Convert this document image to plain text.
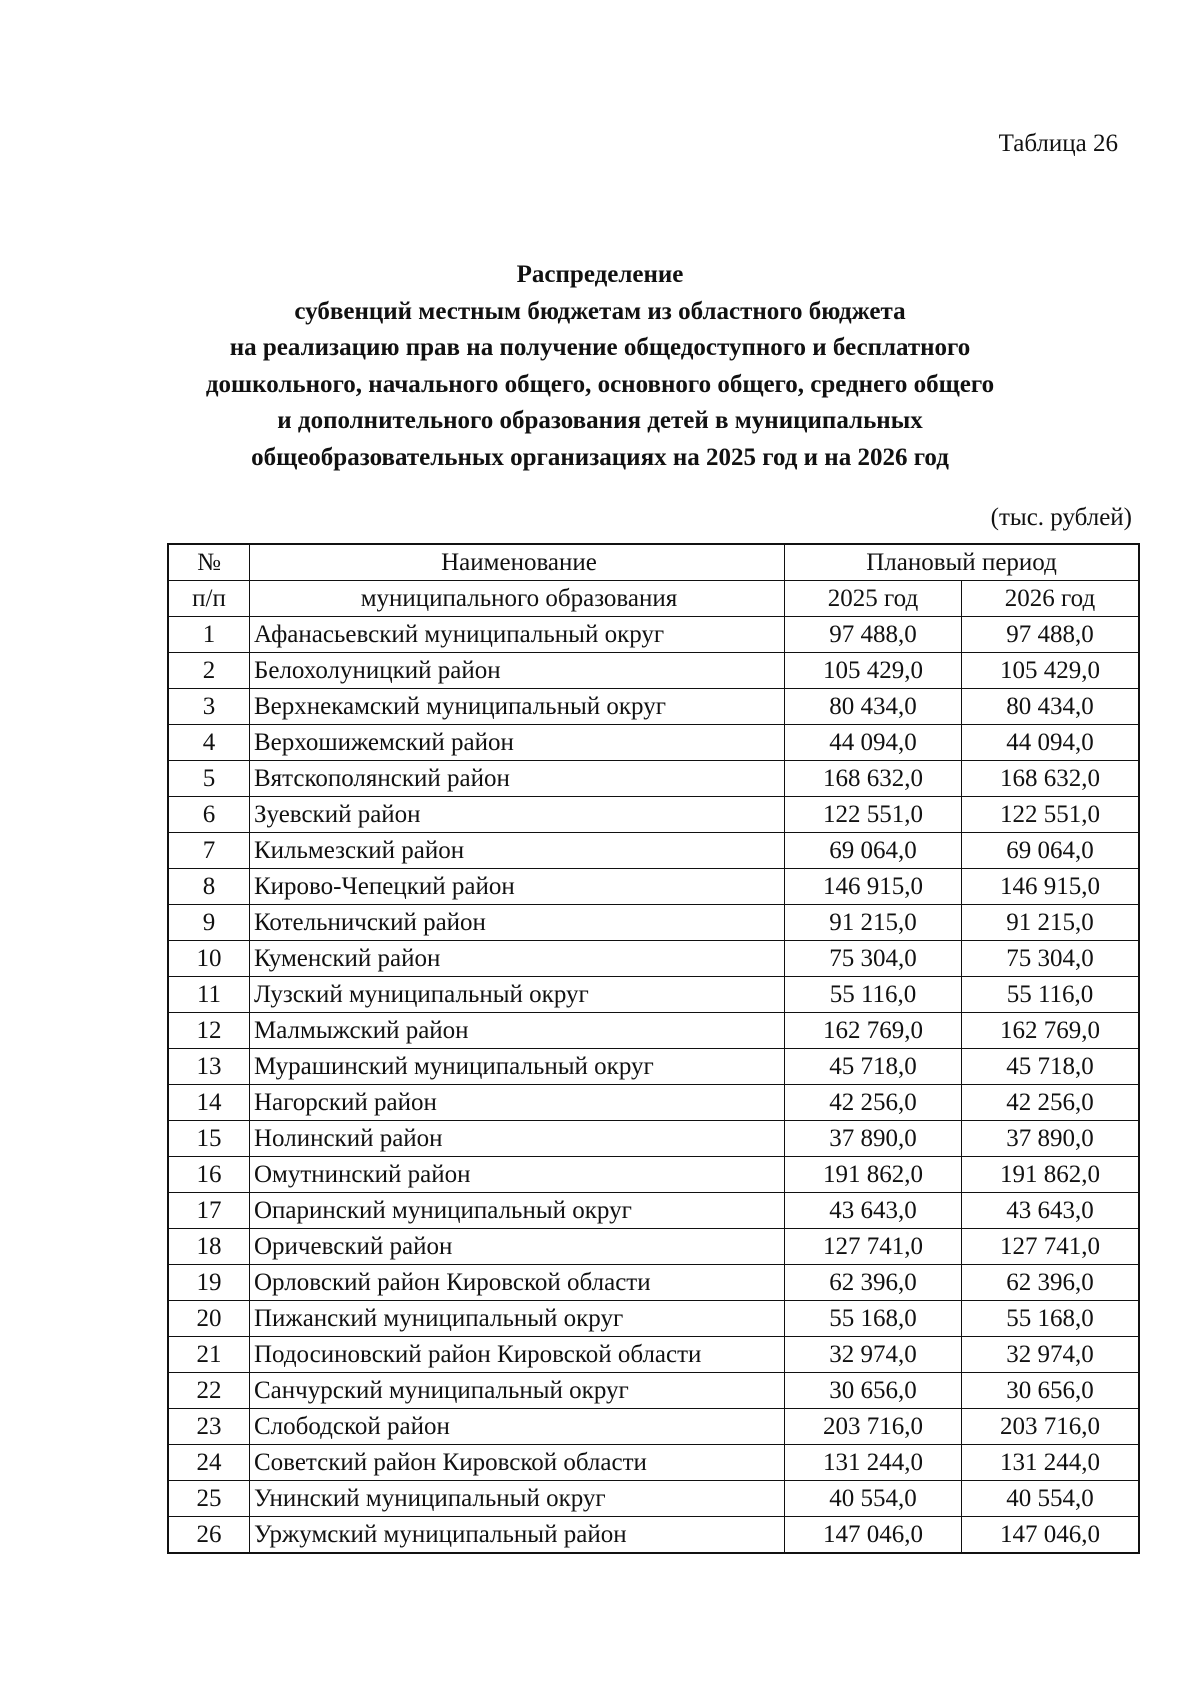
Таблица 26
Распределение
субвенций местным бюджетам из областного бюджета
на реализацию прав на получение общедоступного и бесплатного
дошкольного, начального общего, основного общего, среднего общего
и дополнительного образования детей в муниципальных
общеобразовательных организациях на 2025 год и на 2026 год
(тыс. рублей)
№	Наименование	Плановый период	
п/п	муниципального образования	2025 год	2026 год
1	Афанасьевский муниципальный округ	97 488,0	97 488,0
2	Белохолуницкий район	105 429,0	105 429,0
3	Верхнекамский муниципальный округ	80 434,0	80 434,0
4	Верхошижемский район	44 094,0	44 094,0
5	Вятскополянский район	168 632,0	168 632,0
6	Зуевский район	122 551,0	122 551,0
7	Кильмезский район	69 064,0	69 064,0
8	Кирово-Чепецкий район	146 915,0	146 915,0
9	Котельничский район	91 215,0	91 215,0
10	Куменский район	75 304,0	75 304,0
11	Лузский муниципальный округ	55 116,0	55 116,0
12	Малмыжский район	162 769,0	162 769,0
13	Мурашинский муниципальный округ	45 718,0	45 718,0
14	Нагорский район	42 256,0	42 256,0
15	Нолинский район	37 890,0	37 890,0
16	Омутнинский район	191 862,0	191 862,0
17	Опаринский муниципальный округ	43 643,0	43 643,0
18	Оричевский район	127 741,0	127 741,0
19	Орловский район Кировской области	62 396,0	62 396,0
20	Пижанский муниципальный округ	55 168,0	55 168,0
21	Подосиновский район Кировской области	32 974,0	32 974,0
22	Санчурский муниципальный округ	30 656,0	30 656,0
23	Слободской район	203 716,0	203 716,0
24	Советский район Кировской области	131 244,0	131 244,0
25	Унинский муниципальный округ	40 554,0	40 554,0
26	Уржумский муниципальный район	147 046,0	147 046,0
